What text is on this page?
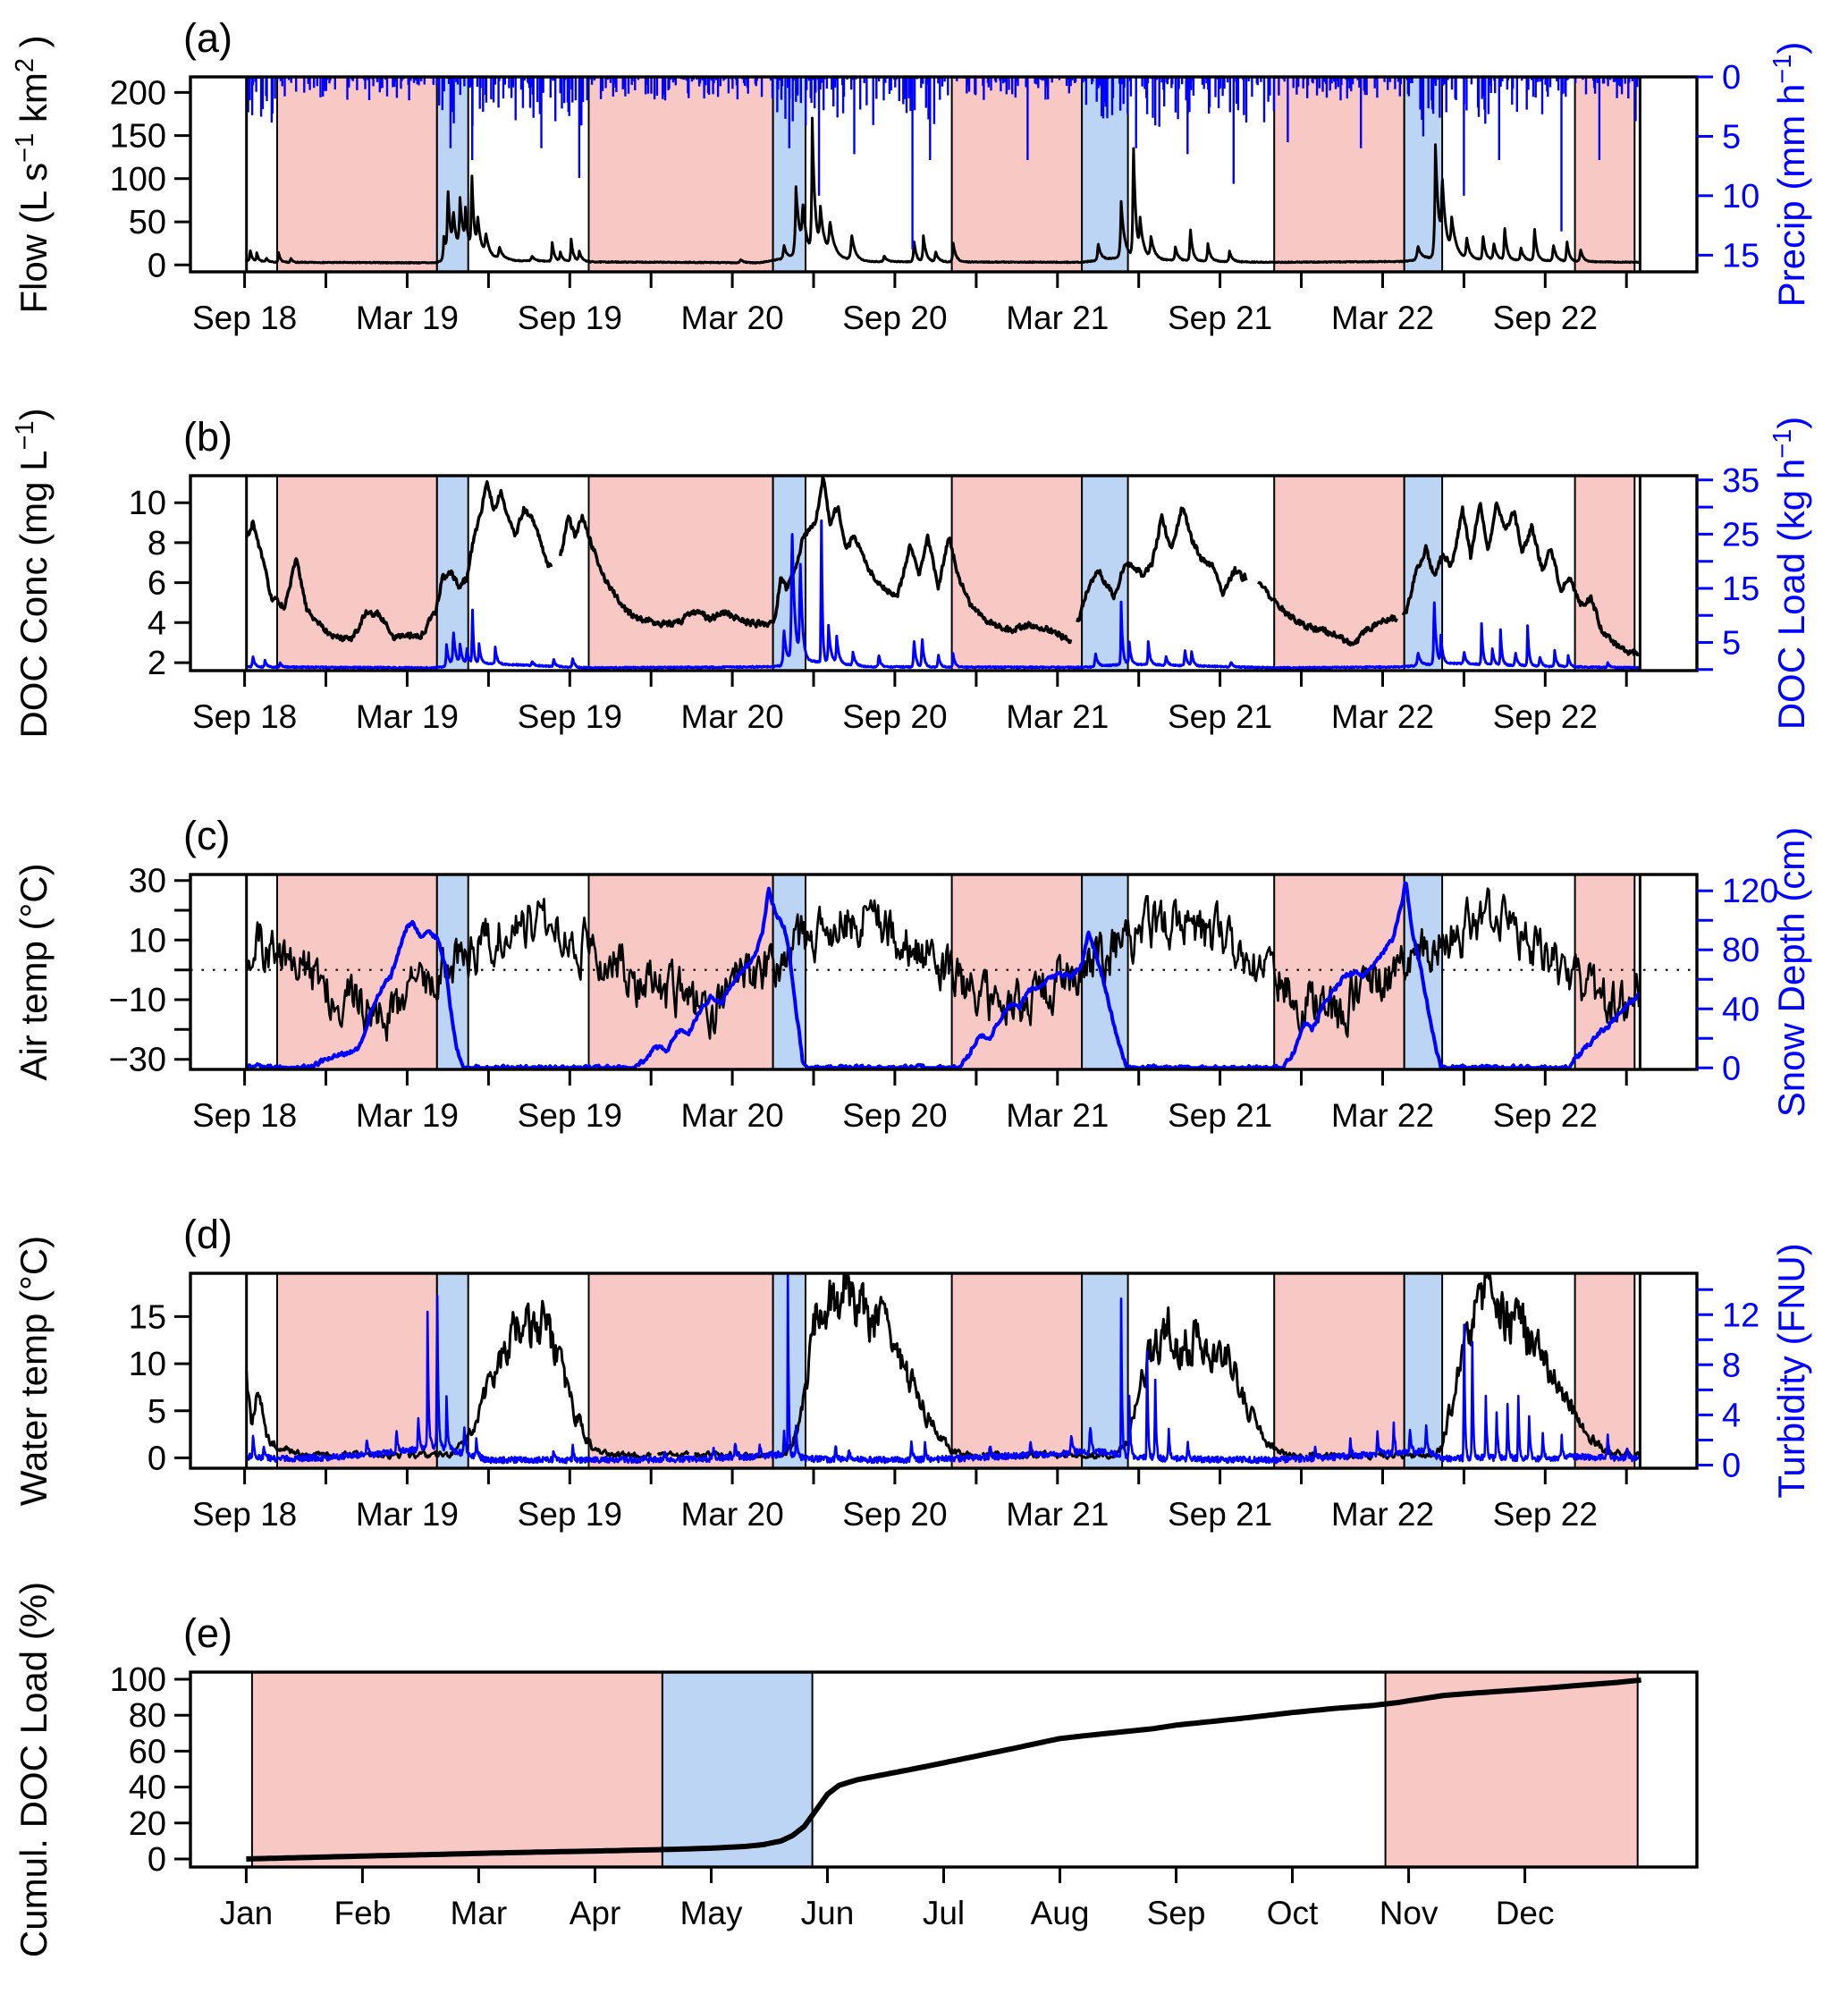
Sep 18 Mar 19 Sep 19 Mar 20 Sep 20 Mar 21 Sep 21 Mar 22 Sep 22
0
50
100
150
200
Flow (L $s^{-1}$ $km^2$ )
0
5
10
15 Precip (mm $h^{-1}$)
(a)
Sep 18 Mar 19 Sep 19 Mar 20 Sep 20 Mar 21 Sep 21 Mar 22 Sep 22
2
4
6
8
10
DOC Conc (mg $L^{-1}$)
5
15
25
35 DOC Load (kg $h^{-1}$)
(b)
Sep 18 Mar 19 Sep 19 Mar 20 Sep 20 Mar 21 Sep 21 Mar 22 Sep 22
−30
−10
10
30
Air temp (°C)	0
40
80
120
Snow Depth (cm)
(c)
Sep 18 Mar 19 Sep 19 Mar 20 Sep 20 Mar 21 Sep 21 Mar 22 Sep 22
0
5
10
15
Water temp (°C)	0
4
8
12 Turbidity (FNU)
(d)
Jan Feb Mar Apr May Jun Jul Aug Sep Oct Nov Dec
0
20
40
60
80
100
Cumul. DOC Load (%)	(e)
